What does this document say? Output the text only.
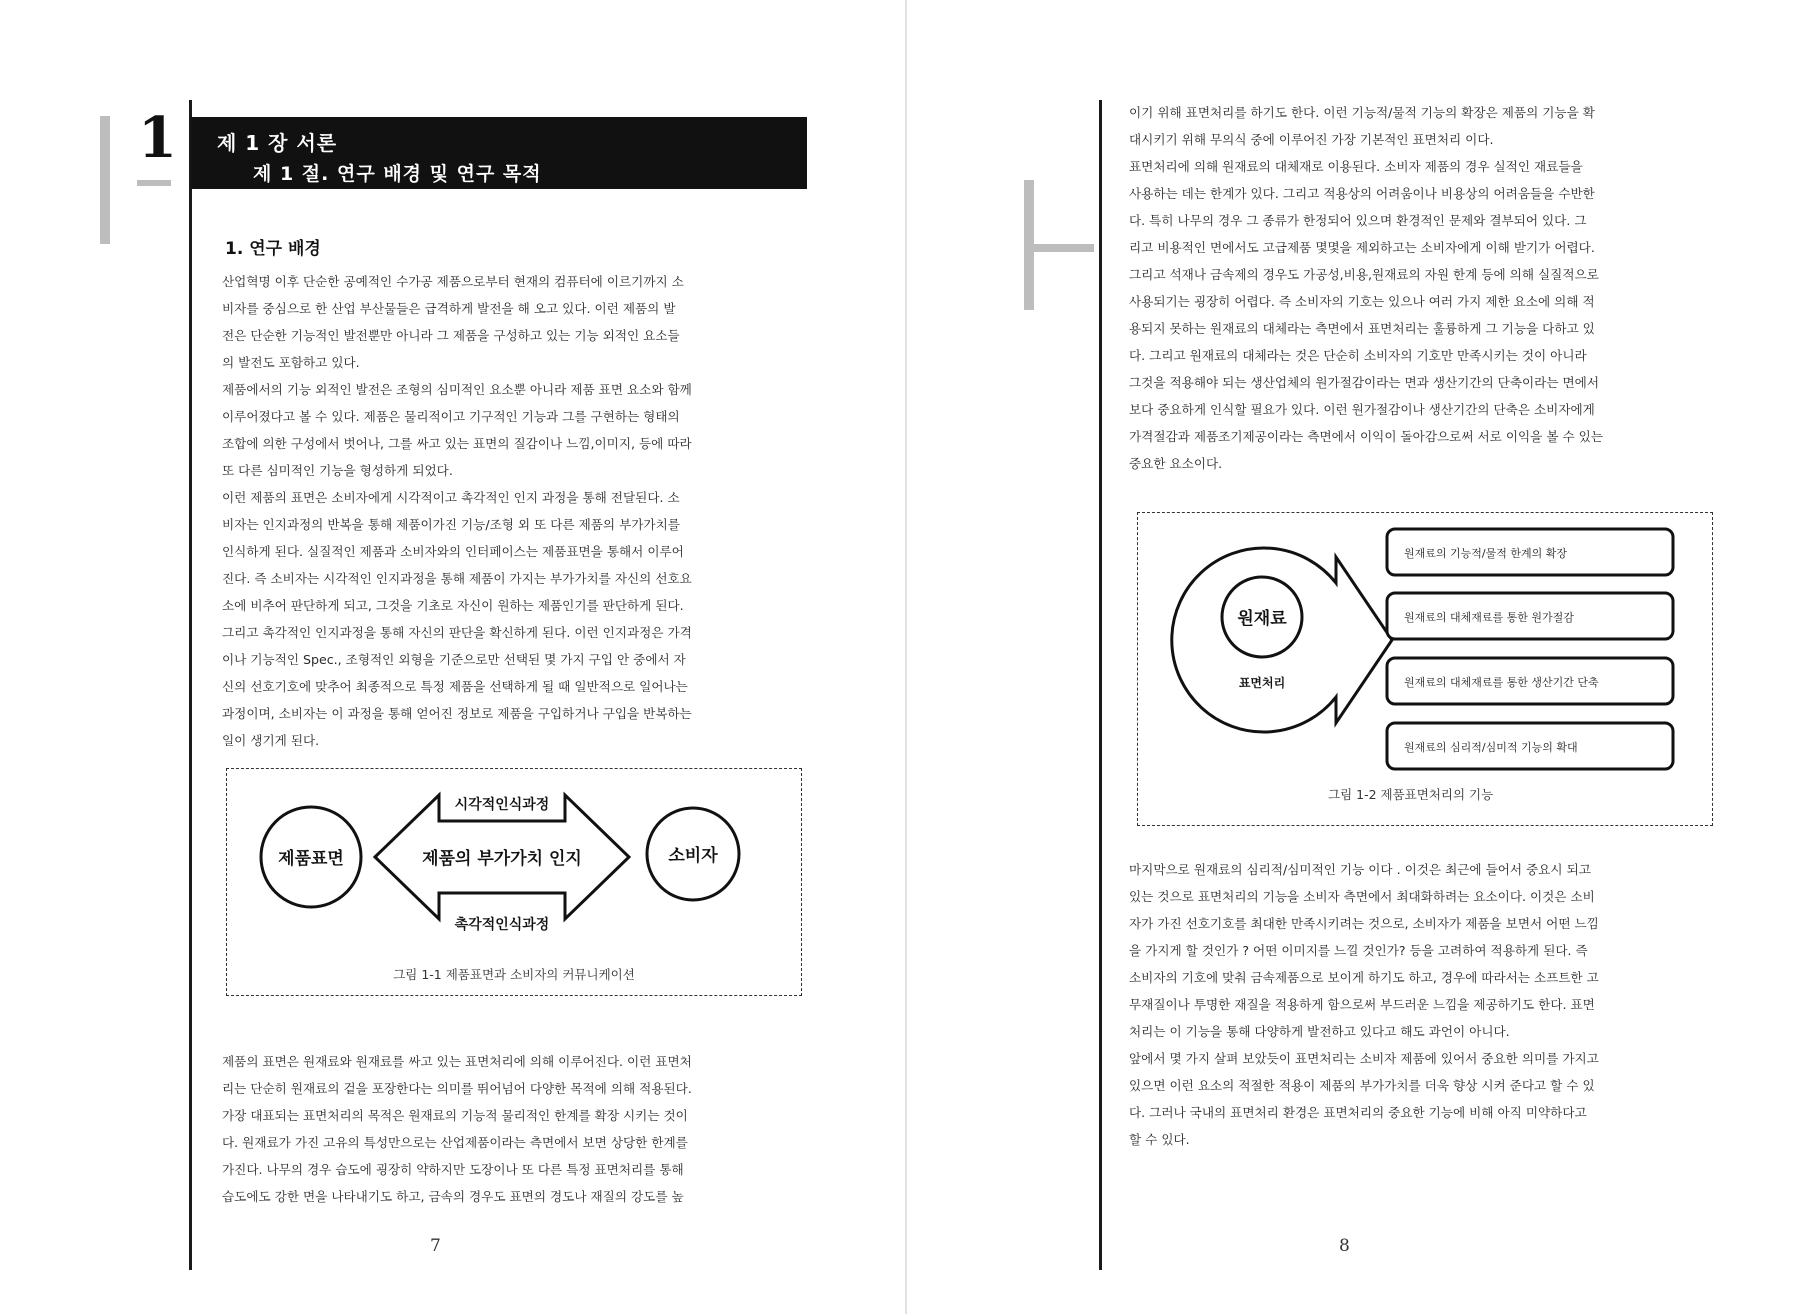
1 제 1 장 서론
제 1 절. 연구 배경 및 연구 목적
1. 연구 배경

산업혁명 이후 단순한 공예적인 수가공 제품으로부터 현재의 컴퓨터에 이르기까지 소

비자를 중심으로 한 산업 부산물들은 급격하게 발전을 해 오고 있다. 이런 제품의 발

전은 단순한 기능적인 발전뿐만 아니라 그 제품을 구성하고 있는 기능 외적인 요소들

의 발전도 포함하고 있다.

제품에서의 기능 외적인 발전은 조형의 심미적인 요소뿐 아니라 제품 표면 요소와 함께

이루어졌다고 볼 수 있다. 제품은 물리적이고 기구적인 기능과 그를 구현하는 형태의

조합에 의한 구성에서 벗어나, 그를 싸고 있는 표면의 질감이나 느낌,이미지, 등에 따라

또 다른 심미적인 기능을 형성하게 되었다.

이런 제품의 표면은 소비자에게 시각적이고 촉각적인 인지 과정을 통해 전달된다. 소

비자는 인지과정의 반복을 통해 제품이가진 기능/조형 외 또 다른 제품의 부가가치를

인식하게 된다. 실질적인 제품과 소비자와의 인터페이스는 제품표면을 통해서 이루어

진다. 즉 소비자는 시각적인 인지과정을 통해 제품이 가지는 부가가치를 자신의 선호요

소에 비추어 판단하게 되고, 그것을 기초로 자신이 원하는 제품인기를 판단하게 된다.

그리고 촉각적인 인지과정을 통해 자신의 판단을 확신하게 된다. 이런 인지과정은 가격

이나 기능적인 Spec., 조형적인 외형을 기준으로만 선택된 몇 가지 구입 안 중에서 자

신의 선호기호에 맞추어 최종적으로 특정 제품을 선택하게 될 때 일반적으로 일어나는

과정이며, 소비자는 이 과정을 통해 얻어진 정보로 제품을 구입하거나 구입을 반복하는

일이 생기게 된다.

제품표면	소비자
시각적인식과정
제품의 부가가치 인지
촉각적인식과정
그림 1-1 제품표면과 소비자의 커뮤니케이션

제품의 표면은 원재료와 원재료를 싸고 있는 표면처리에 의해 이루어진다. 이런 표면처

리는 단순히 원재료의 겉을 포장한다는 의미를 뛰어넘어 다양한 목적에 의해 적용된다.

가장 대표되는 표면처리의 목적은 원재료의 기능적 물리적인 한계를 확장 시키는 것이

다. 원재료가 가진 고유의 특성만으로는 산업제품이라는 측면에서 보면 상당한 한계를

가진다. 나무의 경우 습도에 굉장히 약하지만 도장이나 또 다른 특정 표면처리를 통해

습도에도 강한 면을 나타내기도 하고, 금속의 경우도 표면의 경도나 재질의 강도를 높

7

이기 위해 표면처리를 하기도 한다. 이런 기능적/물적 기능의 확장은 제품의 기능을 확

대시키기 위해 무의식 중에 이루어진 가장 기본적인 표면처리 이다.

표면처리에 의해 원재료의 대체재로 이용된다. 소비자 제품의 경우 실적인 재료들을

사용하는 데는 한계가 있다. 그리고 적용상의 어려움이나 비용상의 어려움들을 수반한

다. 특히 나무의 경우 그 종류가 한정되어 있으며 환경적인 문제와 결부되어 있다. 그

리고 비용적인 면에서도 고급제품 몇몇을 제외하고는 소비자에게 이해 받기가 어렵다.

그리고 석재나 금속제의 경우도 가공성,비용,원재료의 자원 한계 등에 의해 실질적으로

사용되기는 굉장히 어렵다. 즉 소비자의 기호는 있으나 여러 가지 제한 요소에 의해 적

용되지 못하는 원재료의 대체라는 측면에서 표면처리는 훌륭하게 그 기능을 다하고 있

다. 그리고 원재료의 대체라는 것은 단순히 소비자의 기호만 만족시키는 것이 아니라

그것을 적용해야 되는 생산업체의 원가절감이라는 면과 생산기간의 단축이라는 면에서

보다 중요하게 인식할 필요가 있다. 이런 원가절감이나 생산기간의 단축은 소비자에게

가격절감과 제품조기제공이라는 측면에서 이익이 돌아감으로써 서로 이익을 볼 수 있는

중요한 요소이다.

원재료
표면처리
원재료의 기능적/물적 한계의 확장
원재료의 대체재료를 통한 원가절감
원재료의 대체재료를 통한 생산기간 단축
원재료의 심리적/심미적 기능의 확대
그림 1-2 제품표면처리의 기능

마지막으로 원재료의 심리적/심미적인 기능 이다 . 이것은 최근에 들어서 중요시 되고

있는 것으로 표면처리의 기능을 소비자 측면에서 최대화하려는 요소이다. 이것은 소비

자가 가진 선호기호를 최대한 만족시키려는 것으로, 소비자가 제품을 보면서 어떤 느낌

을 가지게 할 것인가 ? 어떤 이미지를 느낄 것인가? 등을 고려하여 적용하게 된다. 즉

소비자의 기호에 맞춰 금속제품으로 보이게 하기도 하고, 경우에 따라서는 소프트한 고

무재질이나 투명한 재질을 적용하게 함으로써 부드러운 느낌을 제공하기도 한다. 표면

처리는 이 기능을 통해 다양하게 발전하고 있다고 해도 과언이 아니다.

앞에서 몇 가지 살펴 보았듯이 표면처리는 소비자 제품에 있어서 중요한 의미를 가지고

있으면 이런 요소의 적절한 적용이 제품의 부가가치를 더욱 향상 시켜 준다고 할 수 있

다. 그러나 국내의 표면처리 환경은 표면처리의 중요한 기능에 비해 아직 미약하다고

할 수 있다.

8
